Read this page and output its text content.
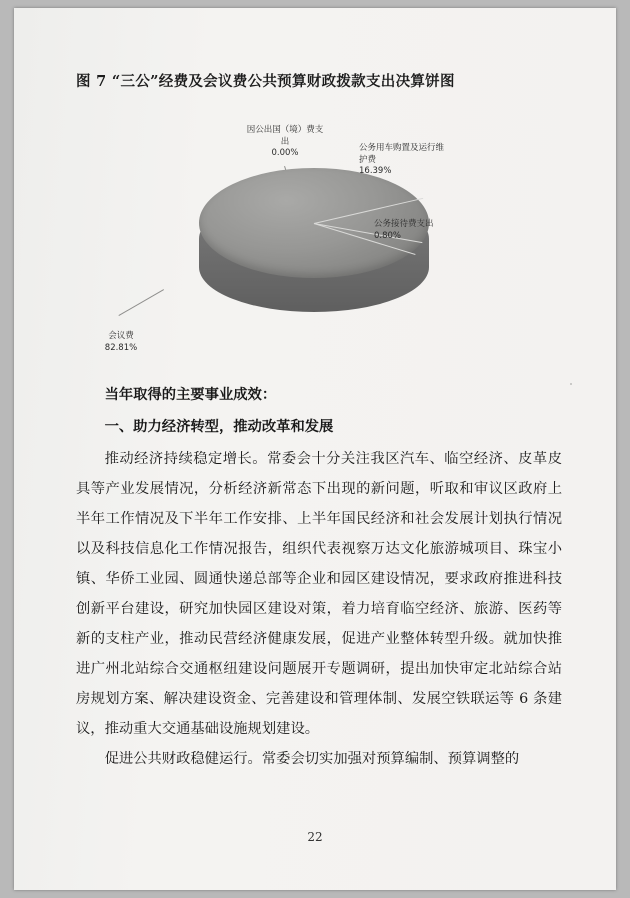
图 7 “三公”经费及会议费公共预算财政拨款支出决算饼图

因公出国（境）费支出

0.00%	公务用车购置及运行维护费

16.39%

公务接待费支出

0.80%

会议费

82.81%

当年取得的主要事业成效：

一、助力经济转型，推动改革和发展

推动经济持续稳定增长。常委会十分关注我区汽车、临空经济、皮革皮具等产业发展情况，分析经济新常态下出现的新问题，听取和审议区政府上半年工作情况及下半年工作安排、上半年国民经济和社会发展计划执行情况以及科技信息化工作情况报告，组织代表视察万达文化旅游城项目、珠宝小镇、华侨工业园、圆通快递总部等企业和园区建设情况，要求政府推进科技创新平台建设，研究加快园区建设对策，着力培育临空经济、旅游、医药等新的支柱产业，推动民营经济健康发展，促进产业整体转型升级。就加快推进广州北站综合交通枢纽建设问题展开专题调研，提出加快审定北站综合站房规划方案、解决建设资金、完善建设和管理体制、发展空铁联运等 6 条建议，推动重大交通基础设施规划建设。

促进公共财政稳健运行。常委会切实加强对预算编制、预算调整的

22
